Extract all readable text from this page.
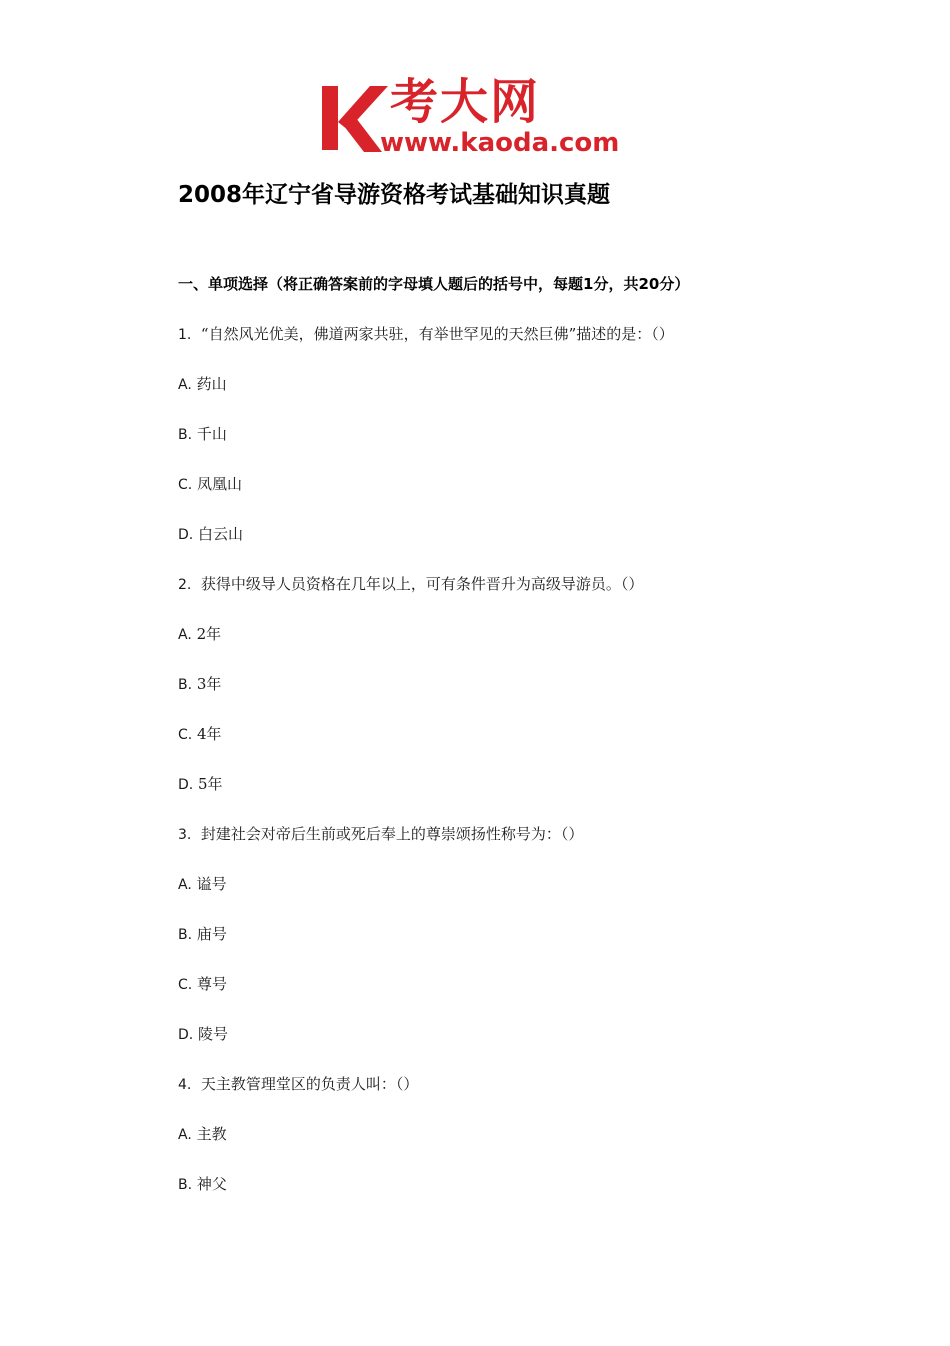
考大网
www.kaoda.com
2008年辽宁省导游资格考试基础知识真题
一、单项选择（将正确答案前的字母填人题后的括号中，每题1分，共20分）
1. “自然风光优美，佛道两家共驻，有举世罕见的天然巨佛”描述的是：（）
A. 药山
B. 千山
C. 凤凰山
D. 白云山
2. 获得中级导人员资格在几年以上，可有条件晋升为高级导游员。（）
A. 2年
B. 3年
C. 4年
D. 5年
3. 封建社会对帝后生前或死后奉上的尊崇颂扬性称号为：（）
A. 谥号
B. 庙号
C. 尊号
D. 陵号
4. 天主教管理堂区的负责人叫：（）
A. 主教
B. 神父
